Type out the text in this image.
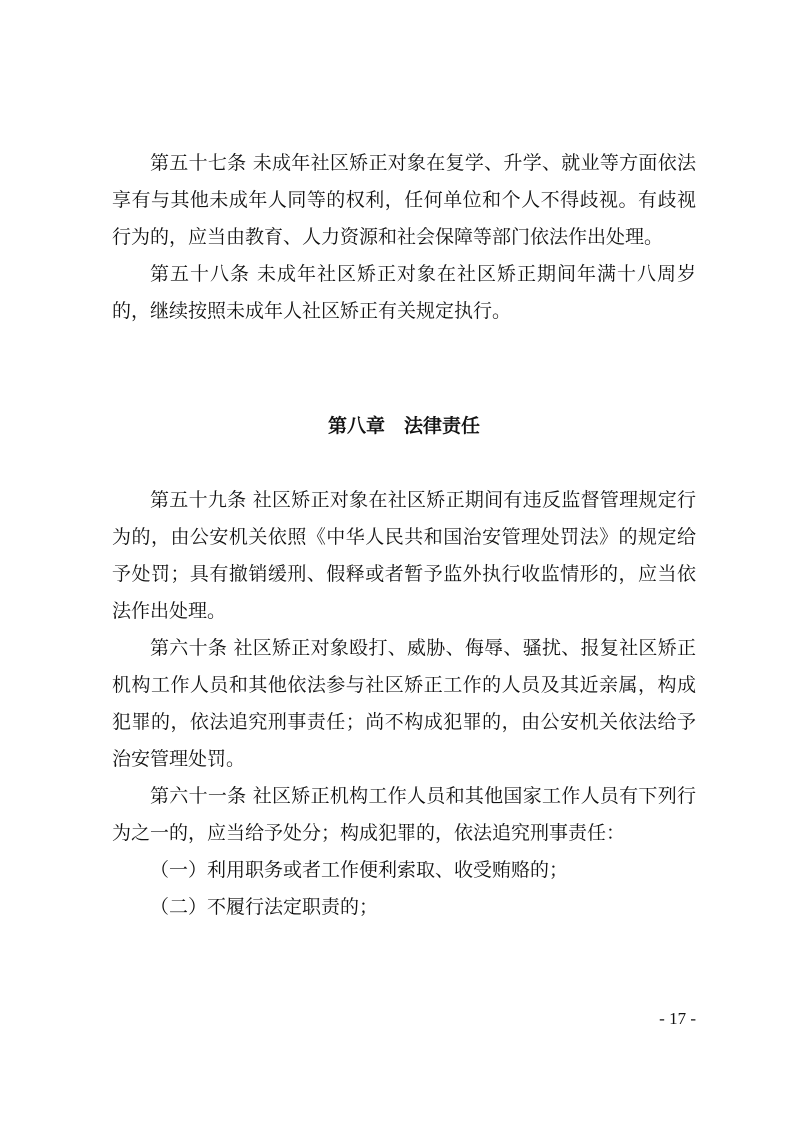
第五十七条 未成年社区矫正对象在复学、升学、就业等方面依法享有与其他未成年人同等的权利，任何单位和个人不得歧视。有歧视行为的，应当由教育、人力资源和社会保障等部门依法作出处理。

第五十八条 未成年社区矫正对象在社区矫正期间年满十八周岁的，继续按照未成年人社区矫正有关规定执行。

第八章　法律责任

第五十九条 社区矫正对象在社区矫正期间有违反监督管理规定行为的，由公安机关依照《中华人民共和国治安管理处罚法》的规定给予处罚；具有撤销缓刑、假释或者暂予监外执行收监情形的，应当依法作出处理。

第六十条 社区矫正对象殴打、威胁、侮辱、骚扰、报复社区矫正机构工作人员和其他依法参与社区矫正工作的人员及其近亲属，构成犯罪的，依法追究刑事责任；尚不构成犯罪的，由公安机关依法给予治安管理处罚。

第六十一条 社区矫正机构工作人员和其他国家工作人员有下列行为之一的，应当给予处分；构成犯罪的，依法追究刑事责任：

（一）利用职务或者工作便利索取、收受贿赂的；

（二）不履行法定职责的；

- 17 -
